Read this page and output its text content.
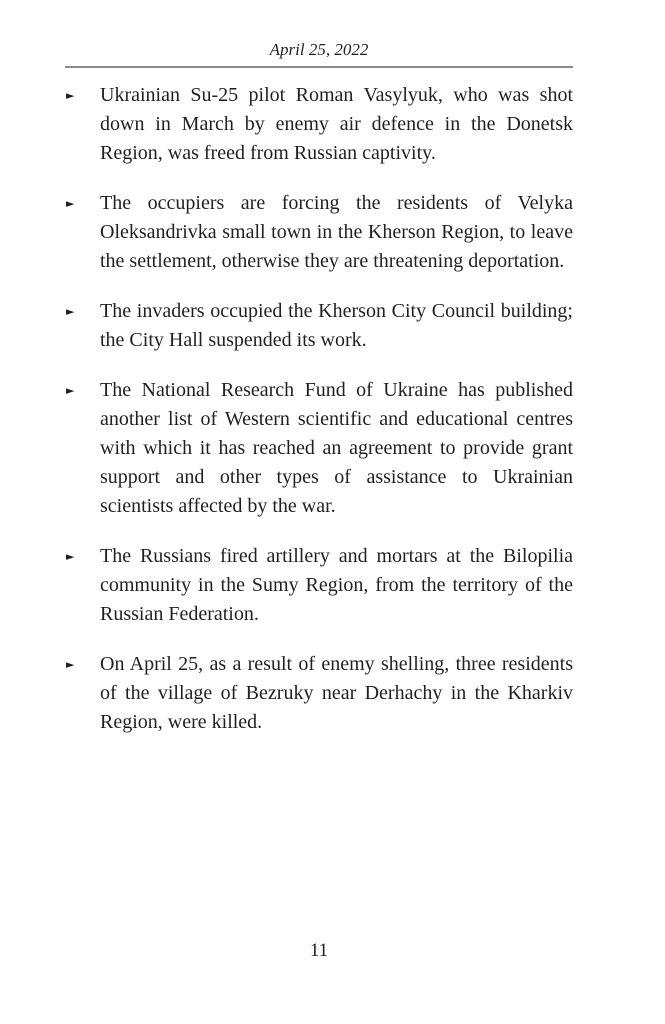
April 25, 2022
► Ukrainian Su-25 pilot Roman Vasylyuk, who was shot down in March by enemy air defence in the Donetsk Region, was freed from Russian captivity.

► The occupiers are forcing the residents of Velyka Oleksandrivka small town in the Kherson Region, to leave the settlement, otherwise they are threatening deportation.

► The invaders occupied the Kherson City Council building; the City Hall suspended its work.

► The National Research Fund of Ukraine has published another list of Western scientific and educational centres with which it has reached an agreement to provide grant support and other types of assistance to Ukrainian scientists affected by the war.

► The Russians fired artillery and mortars at the Bilopilia community in the Sumy Region, from the territory of the Russian Federation.

► On April 25, as a result of enemy shelling, three residents of the village of Bezruky near Derhachy in the Kharkiv Region, were killed.

11
